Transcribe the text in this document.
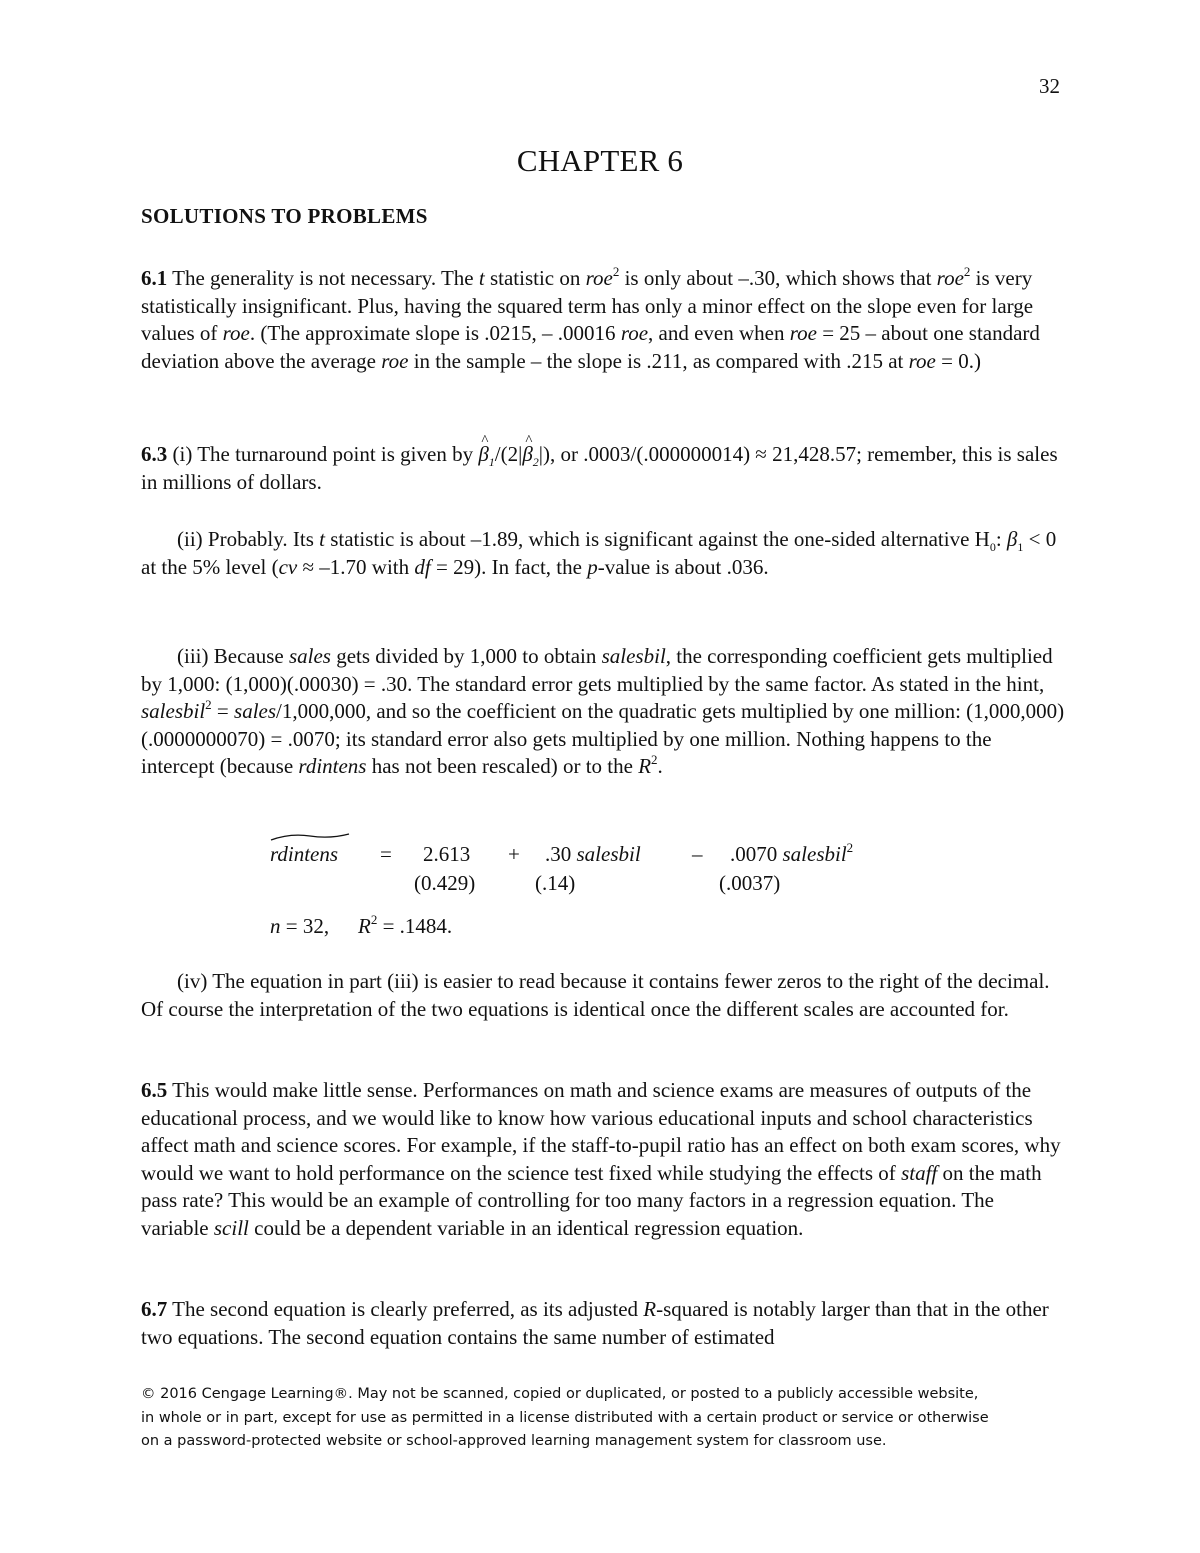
32
CHAPTER 6
SOLUTIONS TO PROBLEMS

6.1 The generality is not necessary. The t statistic on roe$^2$ is only about –.30, which shows that roe$^2$ is very statistically insignificant. Plus, having the squared term has only a minor effect on the slope even for large values of roe. (The approximate slope is .0215, – .00016 roe, and even when roe = 25 – about one standard deviation above the average roe in the sample – the slope is .211, as compared with .215 at roe = 0.)

6.3 (i) The turnaround point is given by ^ $\beta_1/(2|\^{}$ $\beta_2|$), or .0003/(.000000014) ≈ 21,428.57; remember, this is sales in millions of dollars.

(ii) Probably. Its t statistic is about –1.89, which is significant against the one-sided alternative $H_0$: $\beta_1 < 0$ at the 5% level (cv ≈ –1.70 with df = 29). In fact, the p-value is about .036.

(iii) Because sales gets divided by 1,000 to obtain salesbil, the corresponding coefficient gets multiplied by 1,000: (1,000)(.00030) = .30. The standard error gets multiplied by the same factor. As stated in the hint, salesbil$^2$ = sales/1,000,000, and so the coefficient on the quadratic gets multiplied by one million: (1,000,000)(.0000000070) = .0070; its standard error also gets multiplied by one million. Nothing happens to the intercept (because rdintens has not been rescaled) or to the $R^2$.

rdintens = 2.613 + .30 salesbil – .0070 salesbil$^2$
(0.429)	(.14)	(.0037)
n = 32, $R^2 = .1484$.

(iv) The equation in part (iii) is easier to read because it contains fewer zeros to the right of the decimal. Of course the interpretation of the two equations is identical once the different scales are accounted for.

6.5 This would make little sense. Performances on math and science exams are measures of outputs of the educational process, and we would like to know how various educational inputs and school characteristics affect math and science scores. For example, if the staff-to-pupil ratio has an effect on both exam scores, why would we want to hold performance on the science test fixed while studying the effects of staff on the math pass rate? This would be an example of controlling for too many factors in a regression equation. The variable scill could be a dependent variable in an identical regression equation.

6.7 The second equation is clearly preferred, as its adjusted R-squared is notably larger than that in the other two equations. The second equation contains the same number of estimated

© 2016 Cengage Learning®. May not be scanned, copied or duplicated, or posted to a publicly accessible website,

in whole or in part, except for use as permitted in a license distributed with a certain product or service or otherwise

on a password-protected website or school-approved learning management system for classroom use.
